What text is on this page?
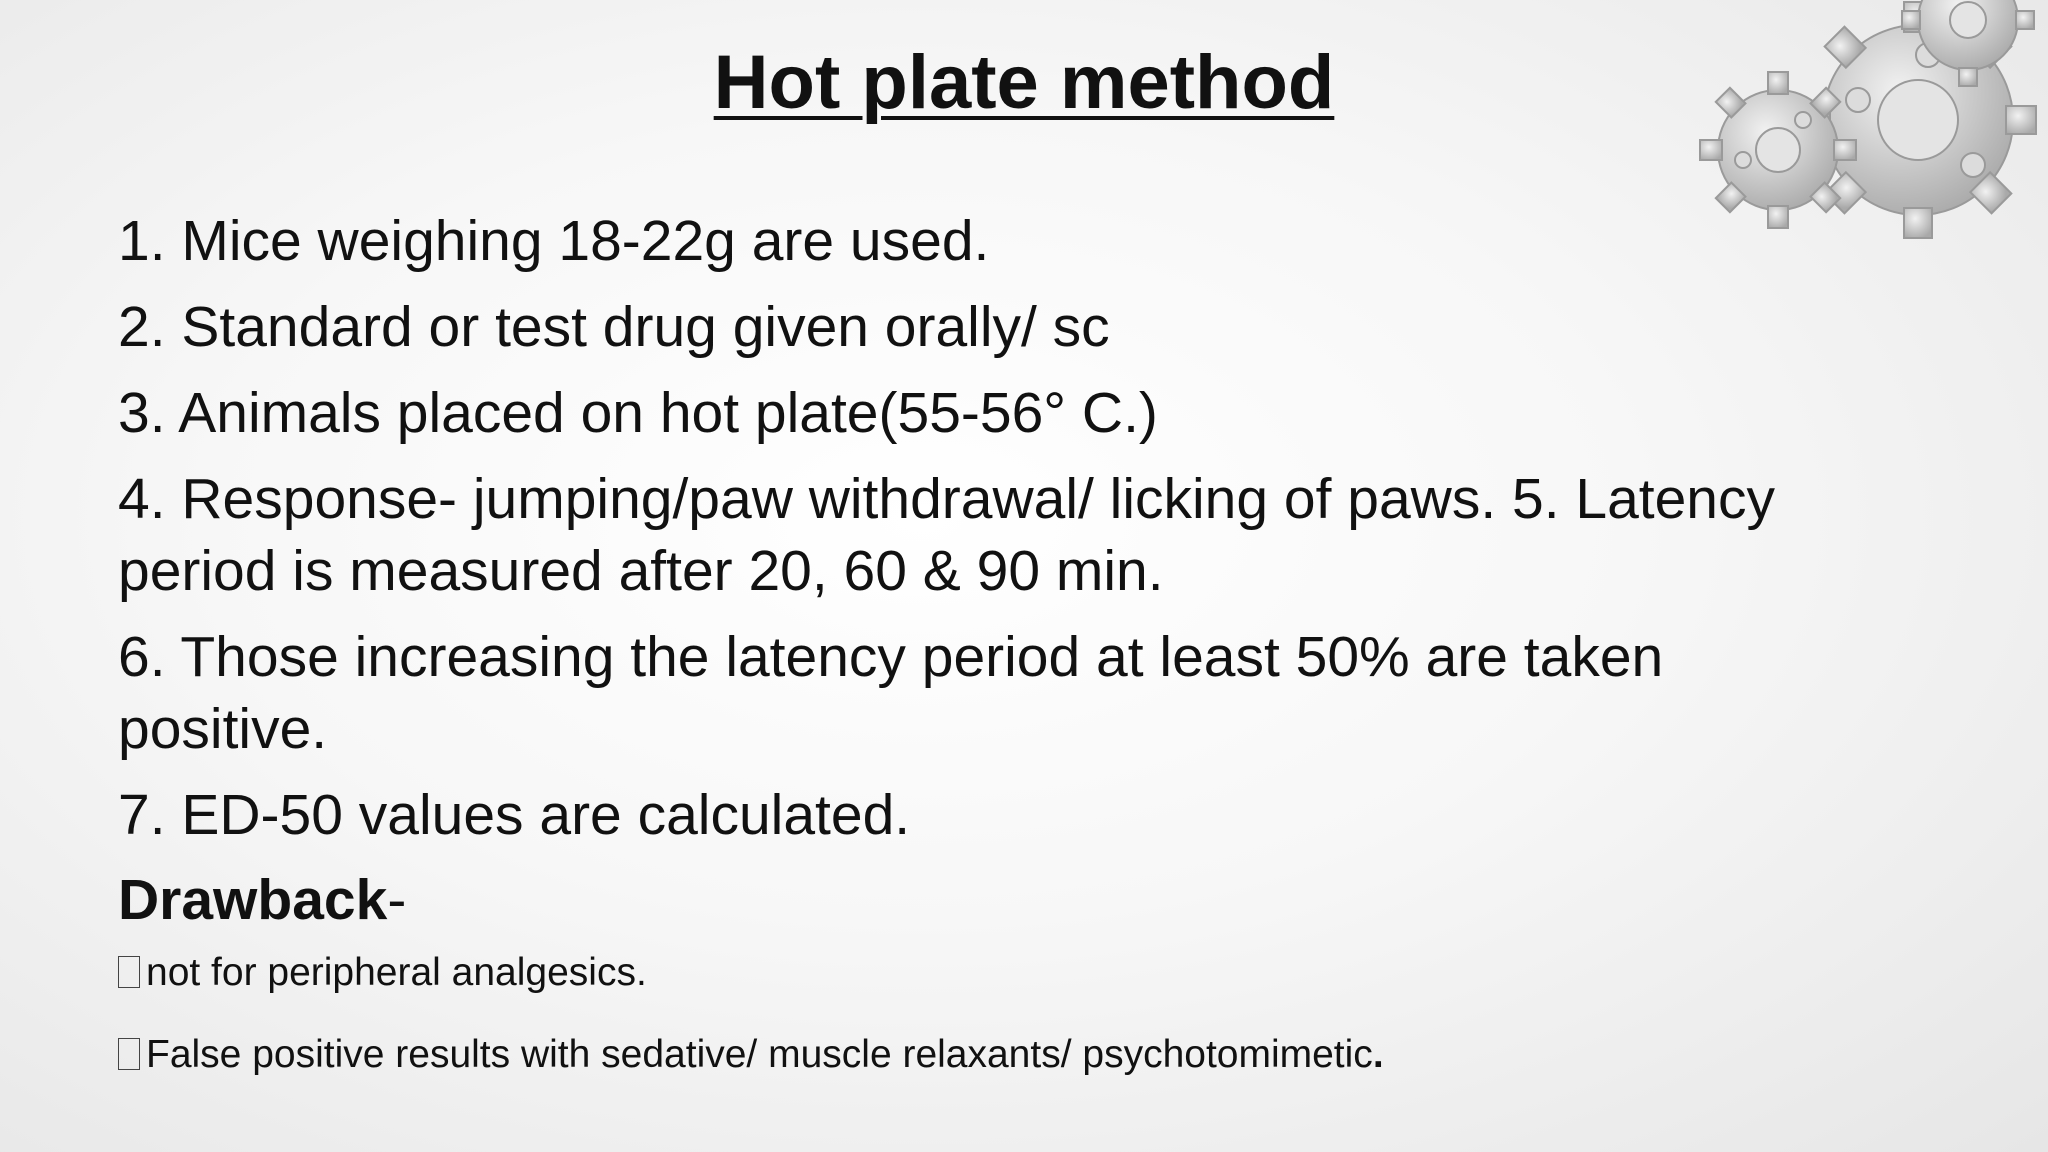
Hot plate method
1. Mice weighing 18-22g are used.
2. Standard or test drug given orally/ sc
3. Animals placed on hot plate(55-56° C.)
4. Response- jumping/paw withdrawal/ licking of paws. 5. Latency period is measured after 20, 60 & 90 min.
6. Those increasing the latency period at least 50% are taken positive.
7. ED-50 values are calculated.
Drawback-
not for peripheral analgesics.
False positive results with sedative/ muscle relaxants/ psychotomimetic.
